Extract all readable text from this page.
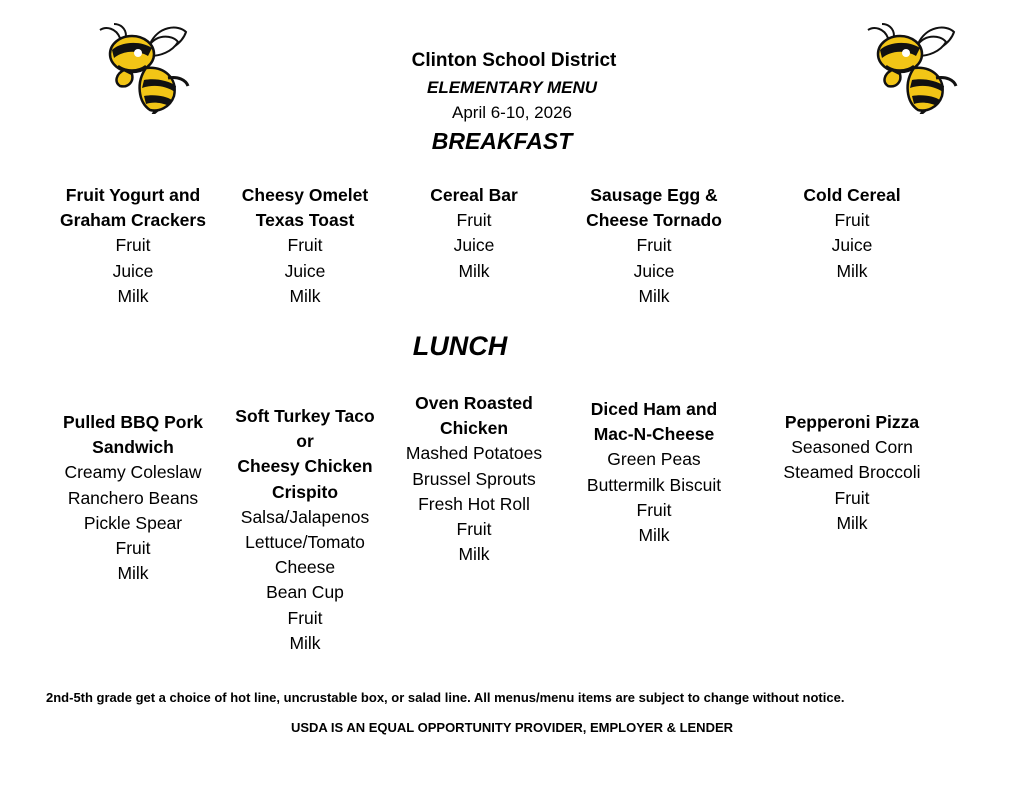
Clinton School District
ELEMENTARY MENU
April 6-10, 2026
BREAKFAST
Fruit Yogurt and
Graham Crackers
Fruit
Juice
Milk
Cheesy Omelet
Texas Toast
Fruit
Juice
Milk
Cereal Bar
Fruit
Juice
Milk
Sausage Egg &
Cheese Tornado
Fruit
Juice
Milk
Cold Cereal
Fruit
Juice
Milk
LUNCH
Pulled BBQ Pork
Sandwich
Creamy Coleslaw
Ranchero Beans
Pickle Spear
Fruit
Milk
Soft Turkey Taco
or
Cheesy Chicken
Crispito
Salsa/Jalapenos
Lettuce/Tomato
Cheese
Bean Cup
Fruit
Milk
Oven Roasted
Chicken
Mashed Potatoes
Brussel Sprouts
Fresh Hot Roll
Fruit
Milk
Diced Ham and
Mac-N-Cheese
Green Peas
Buttermilk Biscuit
Fruit
Milk
Pepperoni Pizza
Seasoned Corn
Steamed Broccoli
Fruit
Milk
2nd-5th grade get a choice of hot line, uncrustable box, or salad line. All menus/menu items are subject to change without notice.
USDA IS AN EQUAL OPPORTUNITY PROVIDER, EMPLOYER & LENDER
